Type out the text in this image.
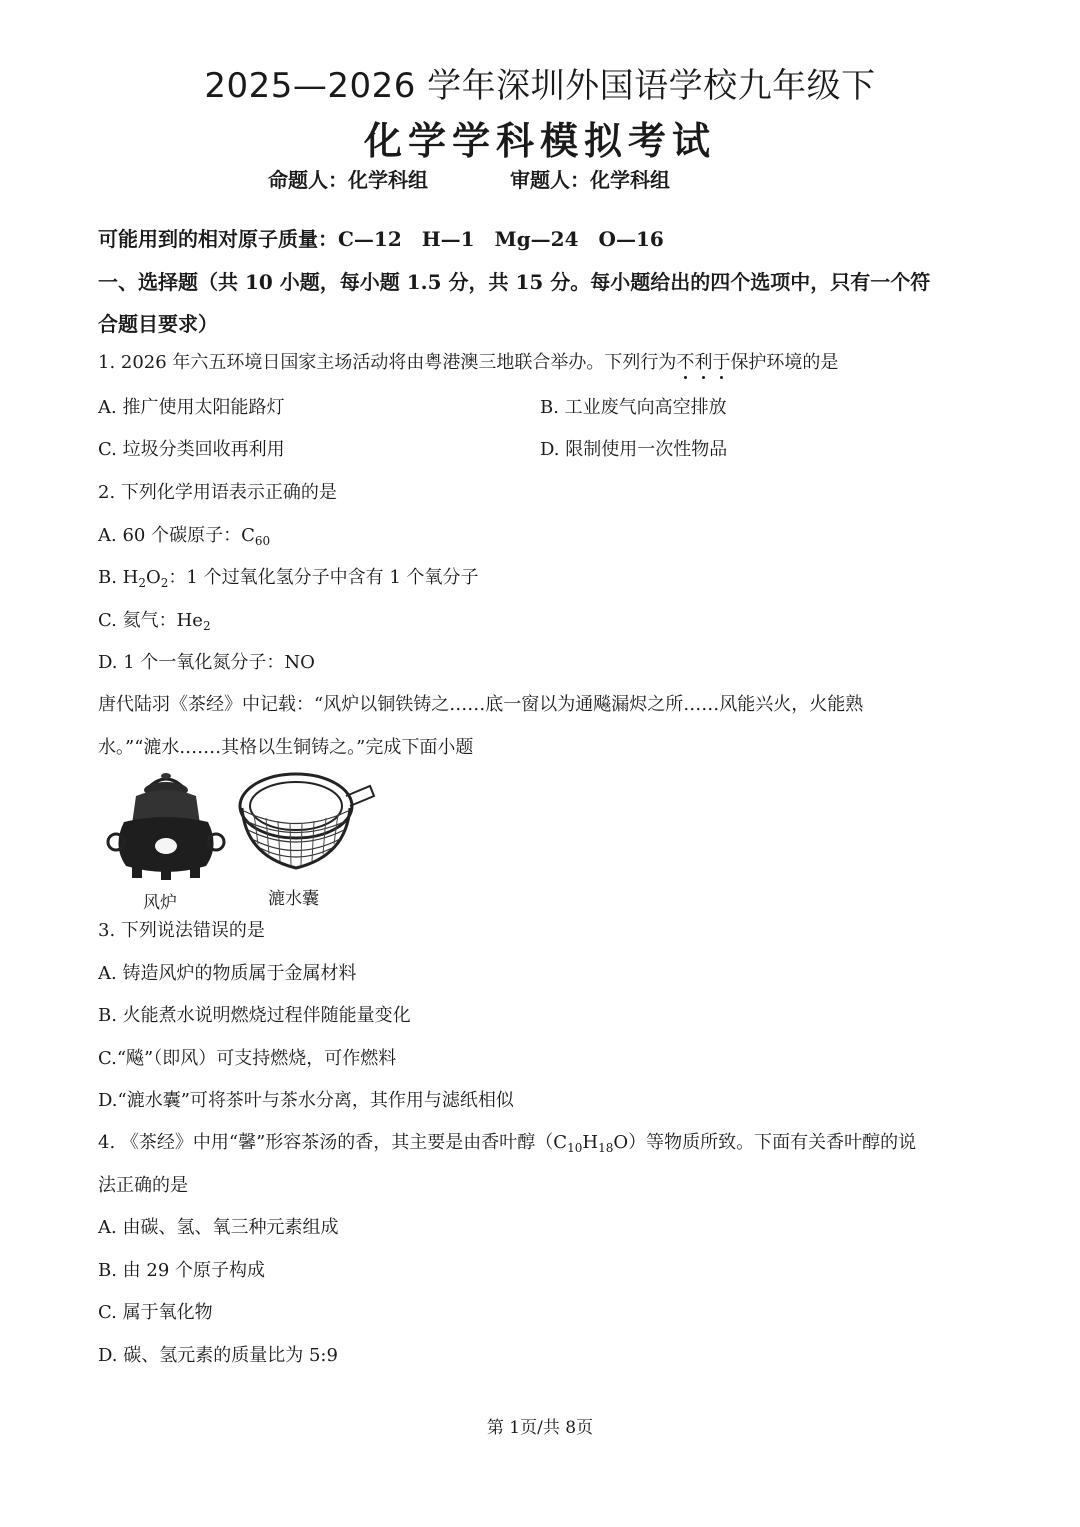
2025—2026 学年深圳外国语学校九年级下
化学学科模拟考试
命题人：化学科组	审题人：化学科组
可能用到的相对原子质量：C—12　H—1　Mg—24　O—16
一、选择题（共 10 小题，每小题 1.5 分，共 15 分。每小题给出的四个选项中，只有一个符
合题目要求）
1. 2026 年六五环境日国家主场活动将由粤港澳三地联合举办。下列行为不利于保护环境的是
A. 推广使用太阳能路灯	B. 工业废气向高空排放
C. 垃圾分类回收再利用	D. 限制使用一次性物品
2. 下列化学用语表示正确的是
A. 60 个碳原子：$C_{60}$
B. $H_2O_2$：1 个过氧化氢分子中含有 1 个氧分子
C. 氦气：$He_2$
D. 1 个一氧化氮分子：NO
唐代陆羽《茶经》中记载：“风炉以铜铁铸之……底一窗以为通飚漏烬之所……风能兴火，火能熟
水。”“漉水.……其格以生铜铸之。”完成下面小题
风炉	漉水囊
3. 下列说法错误的是
A. 铸造风炉的物质属于金属材料
B. 火能煮水说明燃烧过程伴随能量变化
C.“飚”（即风）可支持燃烧，可作燃料
D.“漉水囊”可将茶叶与茶水分离，其作用与滤纸相似
4. 《茶经》中用“馨”形容茶汤的香，其主要是由香叶醇$(C_{10}H_{18}O)$等物质所致。下面有关香叶醇的说
法正确的是
A. 由碳、氢、氧三种元素组成
B. 由 29 个原子构成
C. 属于氧化物
D. 碳、氢元素的质量比为 5:9
第 1页/共 8页
